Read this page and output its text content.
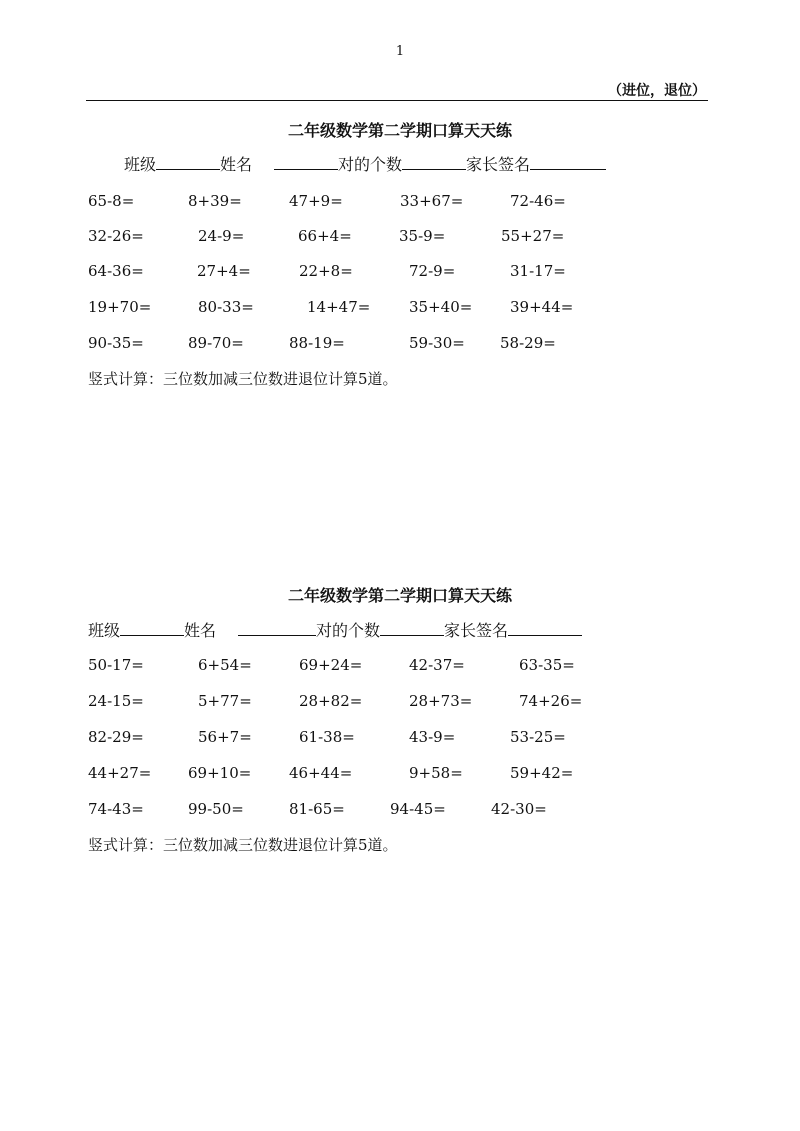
1
（进位，退位）
二年级数学第二学期口算天天练
班级	姓名	对的个数	家长签名
65-8=	8+39=	47+9=	33+67=	72-46=
32-26=	24-9=	66+4=	35-9=	55+27=
64-36=	27+4=	22+8=	72-9=	31-17=
19+70=	80-33=	14+47=	35+40=	39+44=
90-35=	89-70=	88-19=	59-30= 58-29=
竖式计算：三位数加减三位数进退位计算5道。
二年级数学第二学期口算天天练
班级	姓名	对的个数	家长签名
50-17=	6+54=	69+24=	42-37=	63-35=
24-15=	5+77=	28+82=	28+73=	74+26=
82-29=	56+7=	61-38=	43-9=	53-25=
44+27= 69+10=	46+44=	9+58=	59+42=
74-43=	99-50=	81-65=	94-45=	42-30=
竖式计算：三位数加减三位数进退位计算5道。
